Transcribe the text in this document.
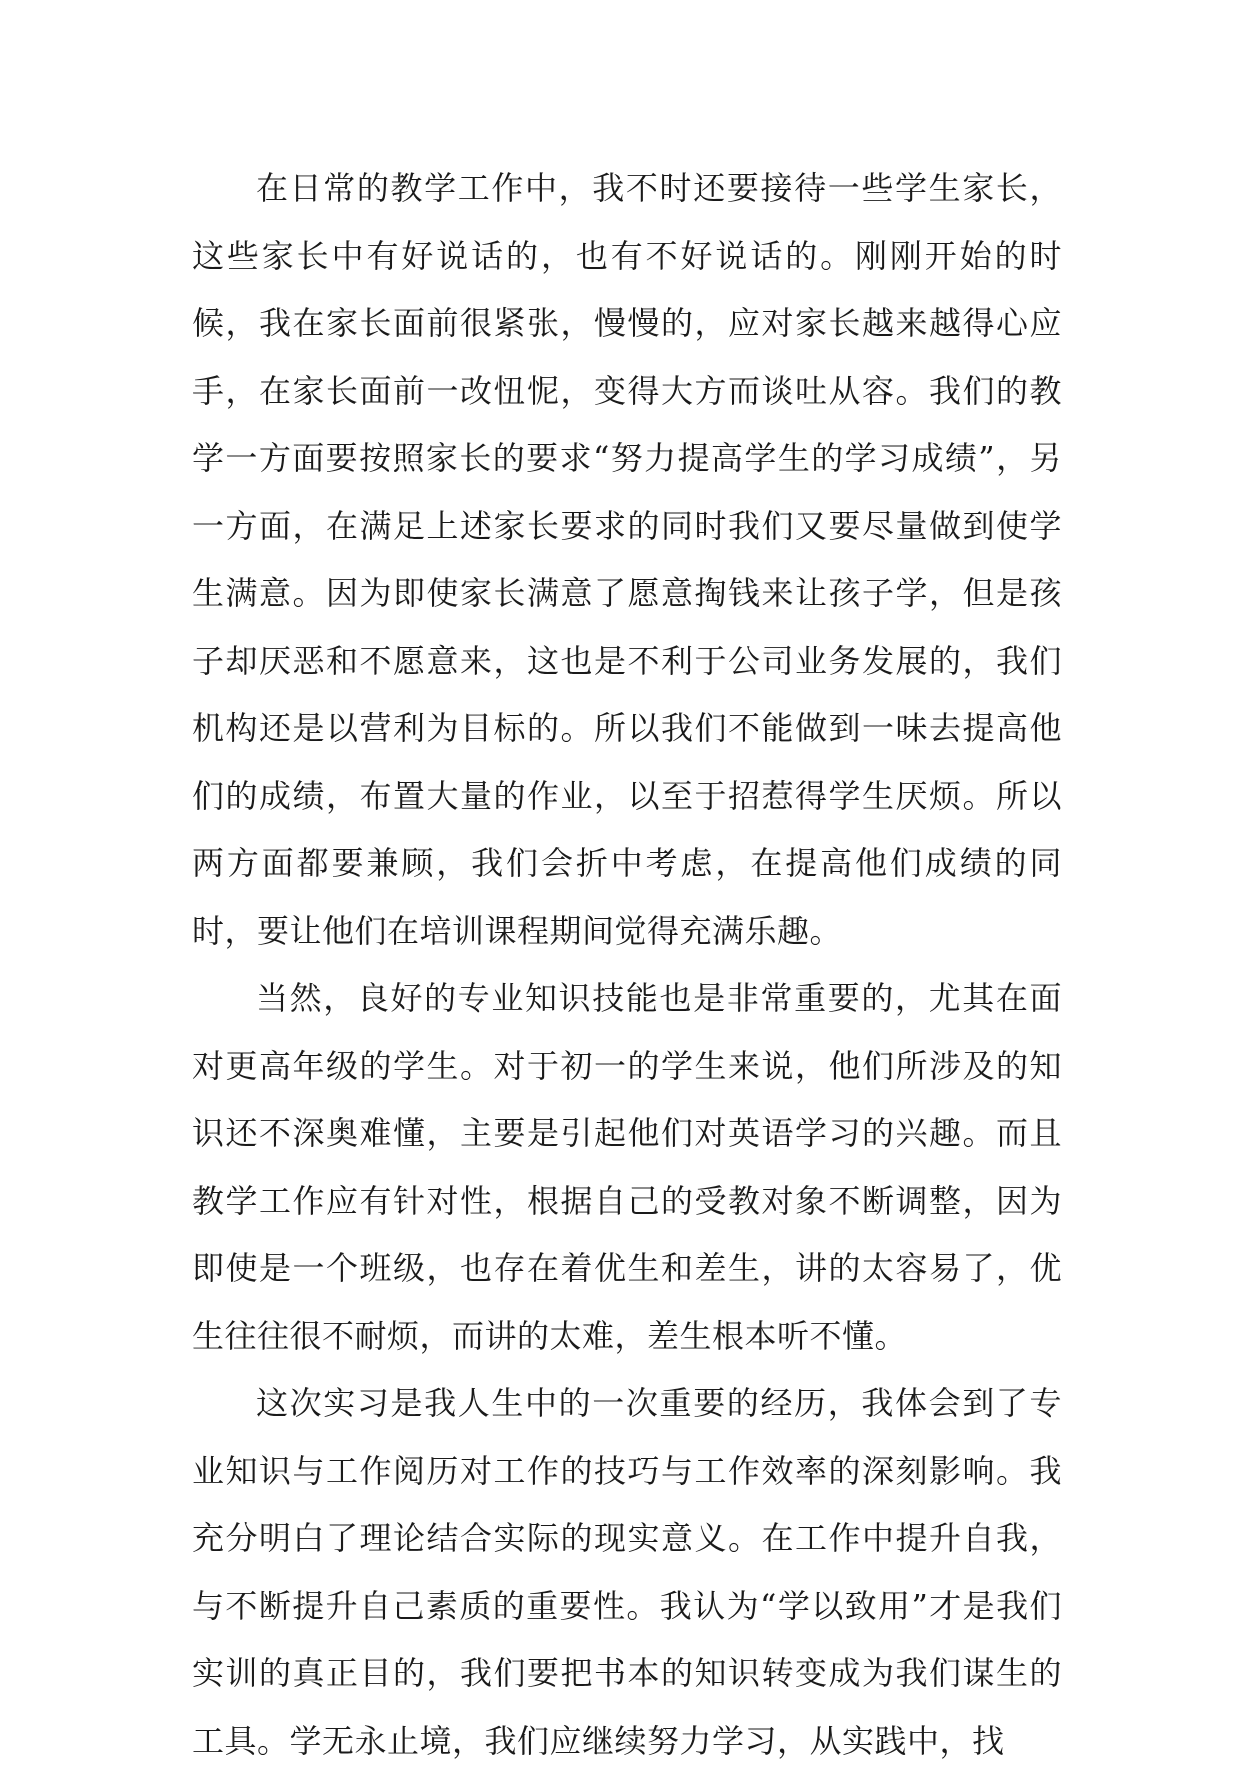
在日常的教学工作中，我不时还要接待一些学生家长，这些家长中有好说话的，也有不好说话的。刚刚开始的时候，我在家长面前很紧张，慢慢的，应对家长越来越得心应手，在家长面前一改忸怩，变得大方而谈吐从容。我们的教学一方面要按照家长的要求“努力提高学生的学习成绩”，另一方面，在满足上述家长要求的同时我们又要尽量做到使学生满意。因为即使家长满意了愿意掏钱来让孩子学，但是孩子却厌恶和不愿意来，这也是不利于公司业务发展的，我们机构还是以营利为目标的。所以我们不能做到一味去提高他们的成绩，布置大量的作业，以至于招惹得学生厌烦。所以两方面都要兼顾，我们会折中考虑，在提高他们成绩的同时，要让他们在培训课程期间觉得充满乐趣。

当然，良好的专业知识技能也是非常重要的，尤其在面对更高年级的学生。对于初一的学生来说，他们所涉及的知识还不深奥难懂，主要是引起他们对英语学习的兴趣。而且教学工作应有针对性，根据自己的受教对象不断调整，因为即使是一个班级，也存在着优生和差生，讲的太容易了，优生往往很不耐烦，而讲的太难，差生根本听不懂。

这次实习是我人生中的一次重要的经历，我体会到了专业知识与工作阅历对工作的技巧与工作效率的深刻影响。我充分明白了理论结合实际的现实意义。在工作中提升自我，与不断提升自己素质的重要性。我认为“学以致用”才是我们实训的真正目的，我们要把书本的知识转变成为我们谋生的工具。学无永止境，我们应继续努力学习，从实践中，找
